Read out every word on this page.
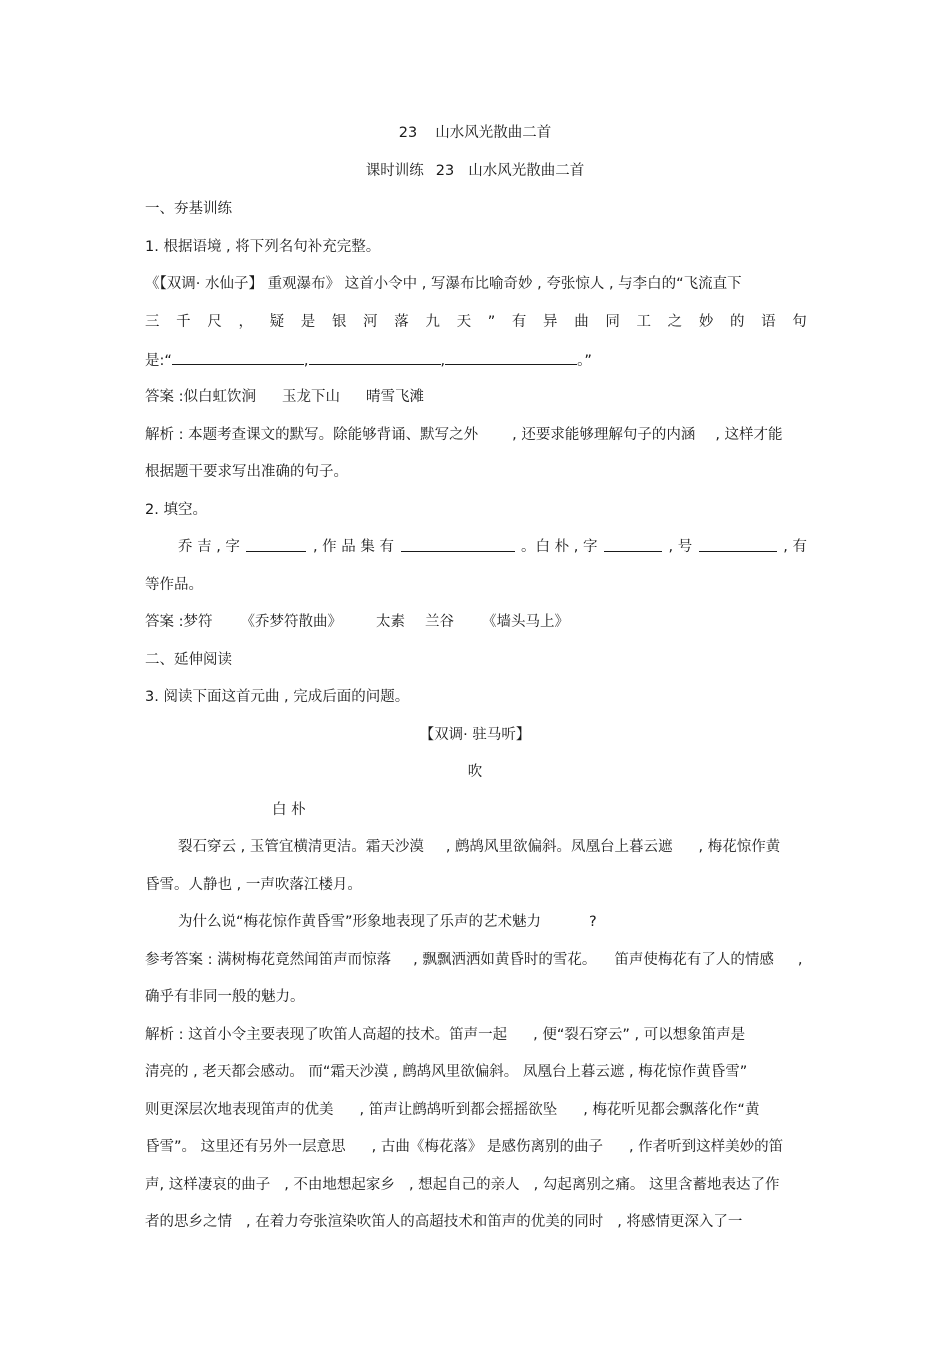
23 山水风光散曲二首
课时训练 23 山水风光散曲二首
一、夯基训练
1. 根据语境 , 将下列名句补充完整。
《【双调· 水仙子】 重观瀑布》 这首小令中 , 写瀑布比喻奇妙 , 夸张惊人 , 与李白的“飞流直下
三 千 尺 ， 疑 是 银 河 落 九 天 ” 有 异 曲 同 工 之 妙 的 语 句
是:“	,	,	。”
答案 :似白虹饮涧 玉龙下山 晴雪飞滩
解析 : 本题考查课文的默写。除能够背诵、默写之外 , 还要求能够理解句子的内涵 , 这样才能
根据题干要求写出准确的句子。
2. 填空。
乔 吉 , 字	, 作 品 集 有	。白 朴 , 字	, 号	, 有
等作品。
答案 :梦符 《乔梦符散曲》 太素 兰谷 《墙头马上》
二、延伸阅读
3. 阅读下面这首元曲 , 完成后面的问题。
【双调· 驻马听】
吹
白 朴
裂石穿云 , 玉管宜横清更洁。霜天沙漠 , 鹧鸪风里欲偏斜。凤凰台上暮云遮 , 梅花惊作黄
昏雪。人静也 , 一声吹落江楼月。
为什么说“梅花惊作黄昏雪”形象地表现了乐声的艺术魅力	?
参考答案 : 满树梅花竟然闻笛声而惊落 , 飘飘洒洒如黄昏时的雪花。 笛声使梅花有了人的情感 ,
确乎有非同一般的魅力。
解析 : 这首小令主要表现了吹笛人高超的技术。笛声一起 , 便“裂石穿云” , 可以想象笛声是
清亮的 , 老天都会感动。 而“霜天沙漠 , 鹧鸪风里欲偏斜。 凤凰台上暮云遮 , 梅花惊作黄昏雪”
则更深层次地表现笛声的优美 , 笛声让鹧鸪听到都会摇摇欲坠 , 梅花听见都会飘落化作“黄
昏雪”。 这里还有另外一层意思 , 古曲《梅花落》 是感伤离别的曲子 , 作者听到这样美妙的笛
声, 这样凄哀的曲子 , 不由地想起家乡 , 想起自己的亲人 , 勾起离别之痛。 这里含蓄地表达了作
者的思乡之情 , 在着力夸张渲染吹笛人的高超技术和笛声的优美的同时 , 将感情更深入了一
